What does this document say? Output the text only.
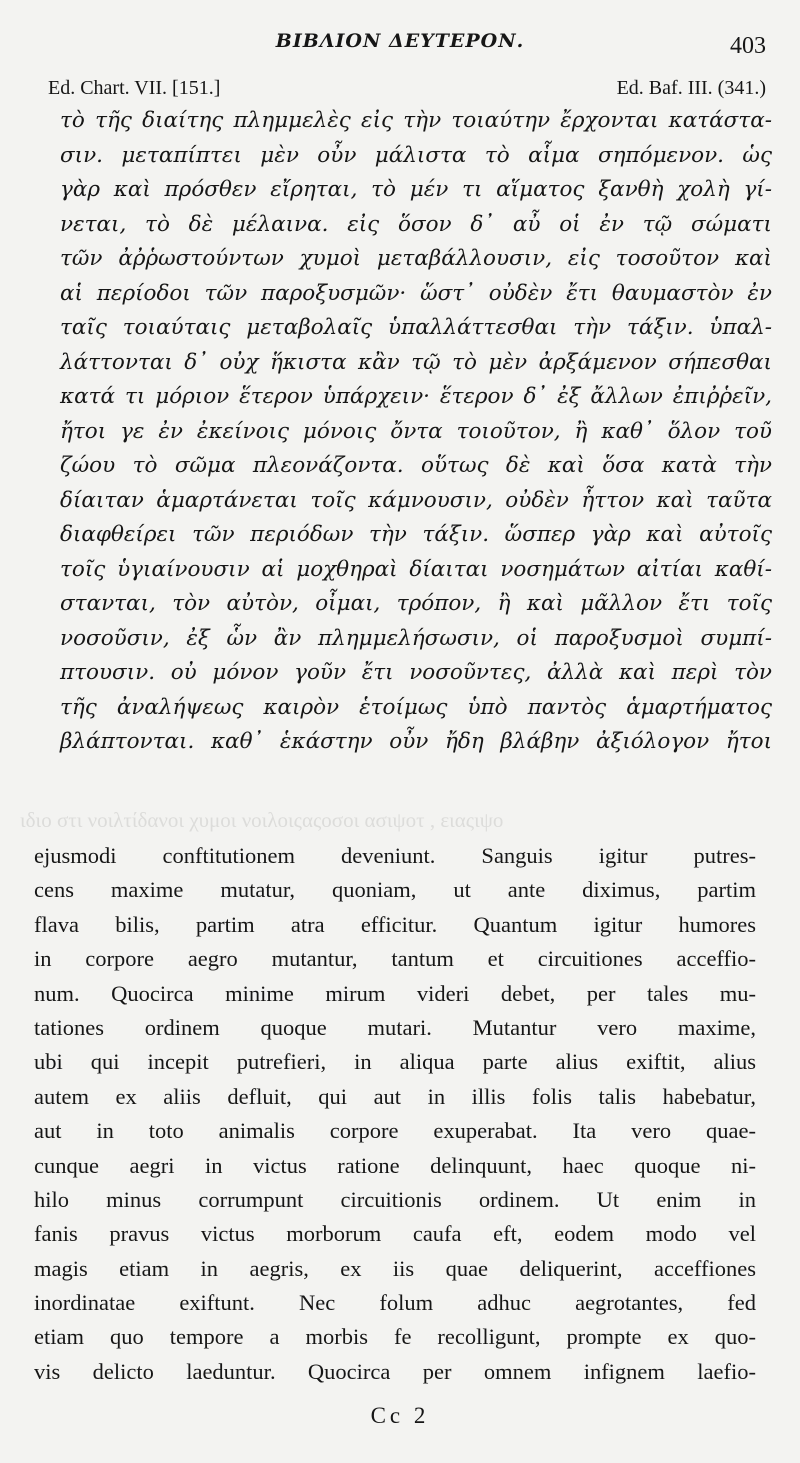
ιδιο στι νοιλτίδανοι χυμοι νοιλοιςαςοσοι ασιψοτ , ειαςιψο
ΒΙΒΛΙΟΝ ΔΕΥΤΕΡΟΝ.	403
Ed. Chart. VII. [151.]	Ed. Baf. III. (341.)
τὸ τῆς διαίτης πλημμελὲς εἰς τὴν τοιαύτην ἔρχονται κατάστα-
σιν. μεταπίπτει μὲν οὖν μάλιστα τὸ αἷμα σηπόμενον. ὡς
γὰρ καὶ πρόσθεν εἴρηται, τὸ μέν τι αἵματος ξανθὴ χολὴ γί-
νεται, τὸ δὲ μέλαινα. εἰς ὅσον δ᾽ αὖ οἱ ἐν τῷ σώματι
τῶν ἀῤῥωστούντων χυμοὶ μεταβάλλουσιν, εἰς τοσοῦτον καὶ
αἱ περίοδοι τῶν παροξυσμῶν· ὥστ᾽ οὐδὲν ἔτι θαυμαστὸν ἐν
ταῖς τοιαύταις μεταβολαῖς ὑπαλλάττεσθαι τὴν τάξιν. ὑπαλ-
λάττονται δ᾽ οὐχ ἥκιστα κἂν τῷ τὸ μὲν ἀρξάμενον σήπεσθαι
κατά τι μόριον ἕτερον ὑπάρχειν· ἕτερον δ᾽ ἐξ ἄλλων ἐπιῤῥεῖν,
ἤτοι γε ἐν ἐκείνοις μόνοις ὄντα τοιοῦτον, ἢ καθ᾽ ὅλον τοῦ
ζώου τὸ σῶμα πλεονάζοντα. οὕτως δὲ καὶ ὅσα κατὰ τὴν
δίαιταν ἁμαρτάνεται τοῖς κάμνουσιν, οὐδὲν ἧττον καὶ ταῦτα
διαφθείρει τῶν περιόδων τὴν τάξιν. ὥσπερ γὰρ καὶ αὐτοῖς
τοῖς ὑγιαίνουσιν αἱ μοχθηραὶ δίαιται νοσημάτων αἰτίαι καθί-
στανται, τὸν αὐτὸν, οἶμαι, τρόπον, ἢ καὶ μᾶλλον ἔτι τοῖς
νοσοῦσιν, ἐξ ὧν ἂν πλημμελήσωσιν, οἱ παροξυσμοὶ συμπί-
πτουσιν. οὐ μόνον γοῦν ἔτι νοσοῦντες, ἀλλὰ καὶ περὶ τὸν
τῆς ἀναλήψεως καιρὸν ἑτοίμως ὑπὸ παντὸς ἁμαρτήματος
βλάπτονται. καθ᾽ ἑκάστην οὖν ἤδη βλάβην ἀξιόλογον ἤτοι
ejusmodi conftitutionem deveniunt. Sanguis igitur putres-
cens maxime mutatur, quoniam, ut ante diximus, partim
flava bilis, partim atra efficitur. Quantum igitur humores
in corpore aegro mutantur, tantum et circuitiones acceffio-
num. Quocirca minime mirum videri debet, per tales mu-
tationes ordinem quoque mutari. Mutantur vero maxime,
ubi qui incepit putrefieri, in aliqua parte alius exiftit, alius
autem ex aliis defluit, qui aut in illis folis talis habebatur,
aut in toto animalis corpore exuperabat. Ita vero quae-
cunque aegri in victus ratione delinquunt, haec quoque ni-
hilo minus corrumpunt circuitionis ordinem. Ut enim in
fanis pravus victus morborum caufa eft, eodem modo vel
magis etiam in aegris, ex iis quae deliquerint, acceffiones
inordinatae exiftunt. Nec folum adhuc aegrotantes, fed
etiam quo tempore a morbis fe recolligunt, prompte ex quo-
vis delicto laeduntur. Quocirca per omnem infignem laefio-
Cc 2
